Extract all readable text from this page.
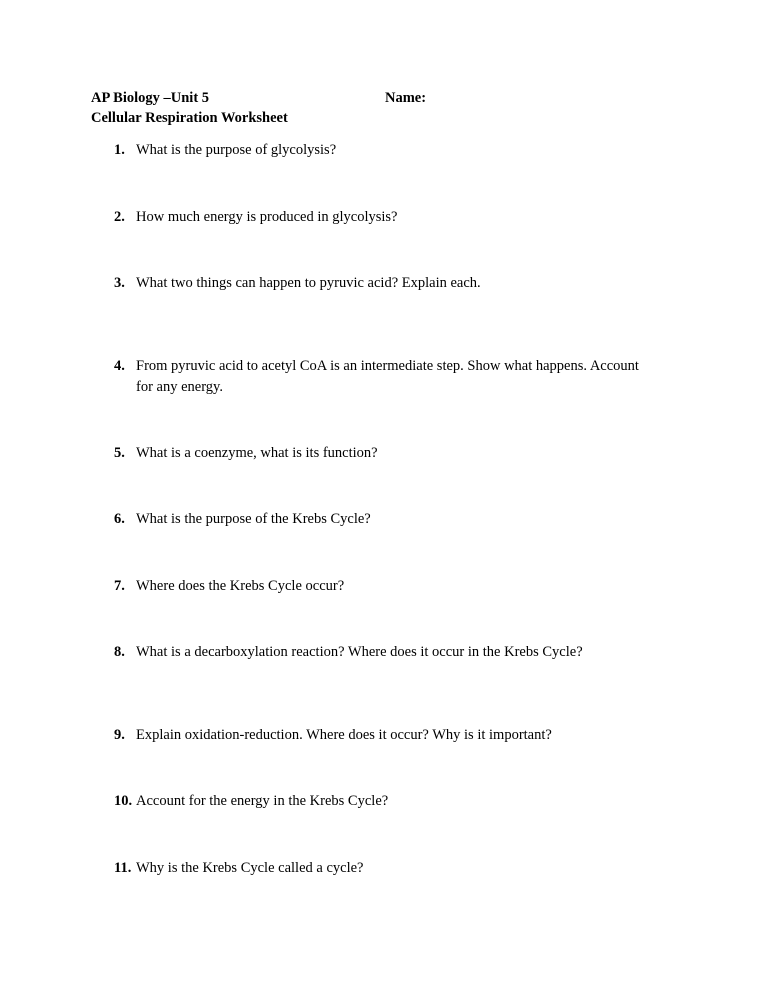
AP Biology –Unit 5
Cellular Respiration Worksheet
Name:
1. What is the purpose of glycolysis?
2. How much energy is produced in glycolysis?
3. What two things can happen to pyruvic acid? Explain each.
4. From pyruvic acid to acetyl CoA is an intermediate step. Show what happens. Account for any energy.
5. What is a coenzyme, what is its function?
6. What is the purpose of the Krebs Cycle?
7. Where does the Krebs Cycle occur?
8. What is a decarboxylation reaction? Where does it occur in the Krebs Cycle?
9. Explain oxidation-reduction. Where does it occur? Why is it important?
10. Account for the energy in the Krebs Cycle?
11. Why is the Krebs Cycle called a cycle?
